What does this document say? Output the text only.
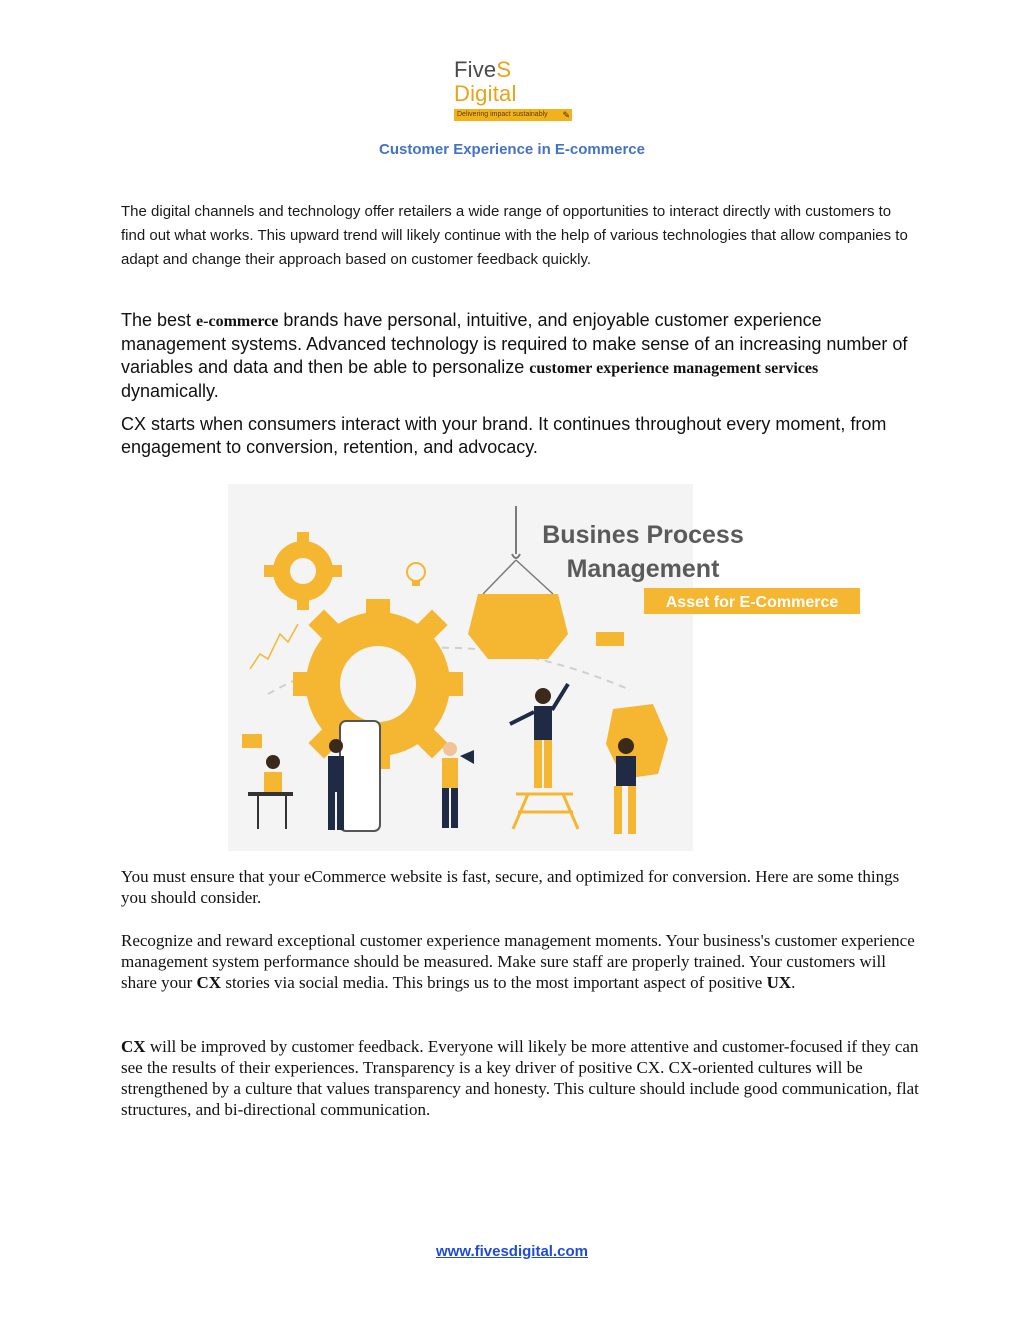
FiveS Digital
Delivering impact sustainably ✎
Customer Experience in E-commerce
The digital channels and technology offer retailers a wide range of opportunities to interact directly with customers to find out what works. This upward trend will likely continue with the help of various technologies that allow companies to adapt and change their approach based on customer feedback quickly.
The best e-commerce brands have personal, intuitive, and enjoyable customer experience management systems. Advanced technology is required to make sense of an increasing number of variables and data and then be able to personalize customer experience management services dynamically.
CX starts when consumers interact with your brand. It continues throughout every moment, from engagement to conversion, retention, and advocacy.
Busines Process
Management
Asset for E-Commerce
You must ensure that your eCommerce website is fast, secure, and optimized for conversion. Here are some things you should consider.
Recognize and reward exceptional customer experience management moments. Your business's customer experience management system performance should be measured. Make sure staff are properly trained. Your customers will share your CX stories via social media. This brings us to the most important aspect of positive UX.
CX will be improved by customer feedback. Everyone will likely be more attentive and customer-focused if they can see the results of their experiences. Transparency is a key driver of positive CX. CX-oriented cultures will be strengthened by a culture that values transparency and honesty. This culture should include good communication, flat structures, and bi-directional communication.
www.fivesdigital.com
